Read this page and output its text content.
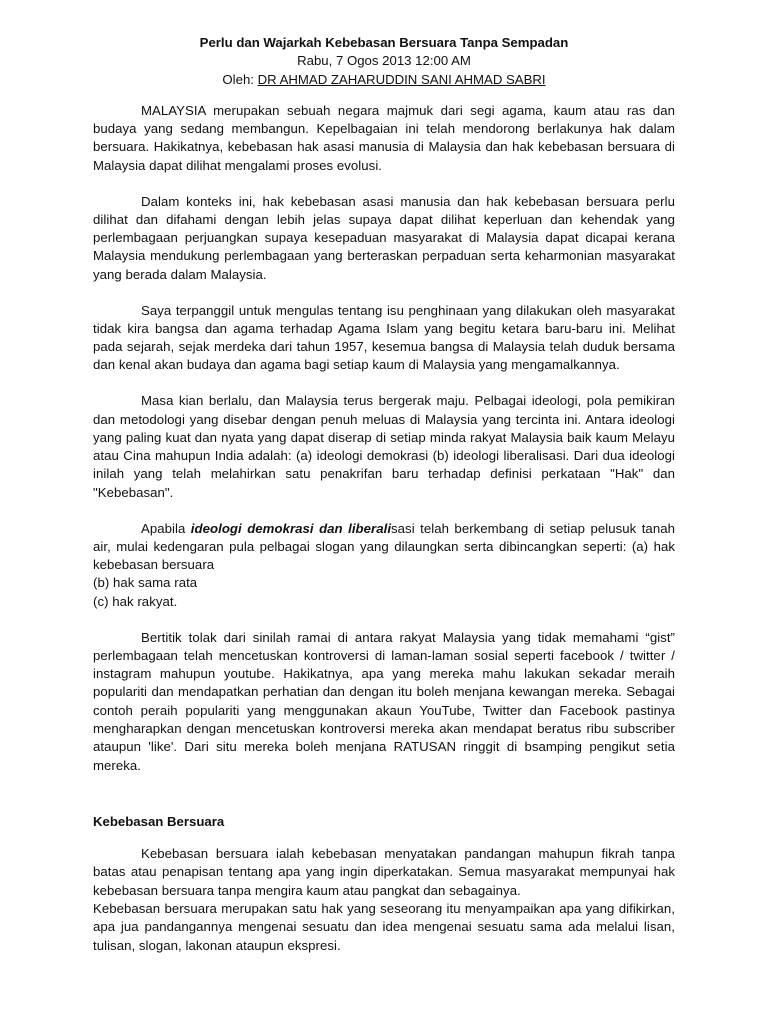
Perlu dan Wajarkah Kebebasan Bersuara Tanpa Sempadan
Rabu, 7 Ogos 2013 12:00 AM
Oleh: DR AHMAD ZAHARUDDIN SANI AHMAD SABRI

MALAYSIA merupakan sebuah negara majmuk dari segi agama, kaum atau ras dan budaya yang sedang membangun. Kepelbagaian ini telah mendorong berlakunya hak dalam bersuara. Hakikatnya, kebebasan hak asasi manusia di Malaysia dan hak kebebasan bersuara di Malaysia dapat dilihat mengalami proses evolusi.

Dalam konteks ini, hak kebebasan asasi manusia dan hak kebebasan bersuara perlu dilihat dan difahami dengan lebih jelas supaya dapat dilihat keperluan dan kehendak yang perlembagaan perjuangkan supaya kesepaduan masyarakat di Malaysia dapat dicapai kerana Malaysia mendukung perlembagaan yang berteraskan perpaduan serta keharmonian masyarakat yang berada dalam Malaysia.

Saya terpanggil untuk mengulas tentang isu penghinaan yang dilakukan oleh masyarakat tidak kira bangsa dan agama terhadap Agama Islam yang begitu ketara baru-baru ini. Melihat pada sejarah, sejak merdeka dari tahun 1957, kesemua bangsa di Malaysia telah duduk bersama dan kenal akan budaya dan agama bagi setiap kaum di Malaysia yang mengamalkannya.

Masa kian berlalu, dan Malaysia terus bergerak maju. Pelbagai ideologi, pola pemikiran dan metodologi yang disebar dengan penuh meluas di Malaysia yang tercinta ini. Antara ideologi yang paling kuat dan nyata yang dapat diserap di setiap minda rakyat Malaysia baik kaum Melayu atau Cina mahupun India adalah: (a) ideologi demokrasi (b) ideologi liberalisasi. Dari dua ideologi inilah yang telah melahirkan satu penakrifan baru terhadap definisi perkataan "Hak" dan "Kebebasan".

Apabila ideologi demokrasi dan liberalisasi telah berkembang di setiap pelusuk tanah air, mulai kedengaran pula pelbagai slogan yang dilaungkan serta dibincangkan seperti: (a) hak kebebasan bersuara
(b) hak sama rata
(c) hak rakyat.

Bertitik tolak dari sinilah ramai di antara rakyat Malaysia yang tidak memahami “gist” perlembagaan telah mencetuskan kontroversi di laman-laman sosial seperti facebook / twitter / instagram mahupun youtube. Hakikatnya, apa yang mereka mahu lakukan sekadar meraih populariti dan mendapatkan perhatian dan dengan itu boleh menjana kewangan mereka. Sebagai contoh peraih populariti yang menggunakan akaun YouTube, Twitter dan Facebook pastinya mengharapkan dengan mencetuskan kontroversi mereka akan mendapat beratus ribu subscriber ataupun 'like'. Dari situ mereka boleh menjana RATUSAN ringgit di bsamping pengikut setia mereka.

Kebebasan Bersuara

Kebebasan bersuara ialah kebebasan menyatakan pandangan mahupun fikrah tanpa batas atau penapisan tentang apa yang ingin diperkatakan. Semua masyarakat mempunyai hak kebebasan bersuara tanpa mengira kaum atau pangkat dan sebagainya.

Kebebasan bersuara merupakan satu hak yang seseorang itu menyampaikan apa yang difikirkan, apa jua pandangannya mengenai sesuatu dan idea mengenai sesuatu sama ada melalui lisan, tulisan, slogan, lakonan ataupun ekspresi.
